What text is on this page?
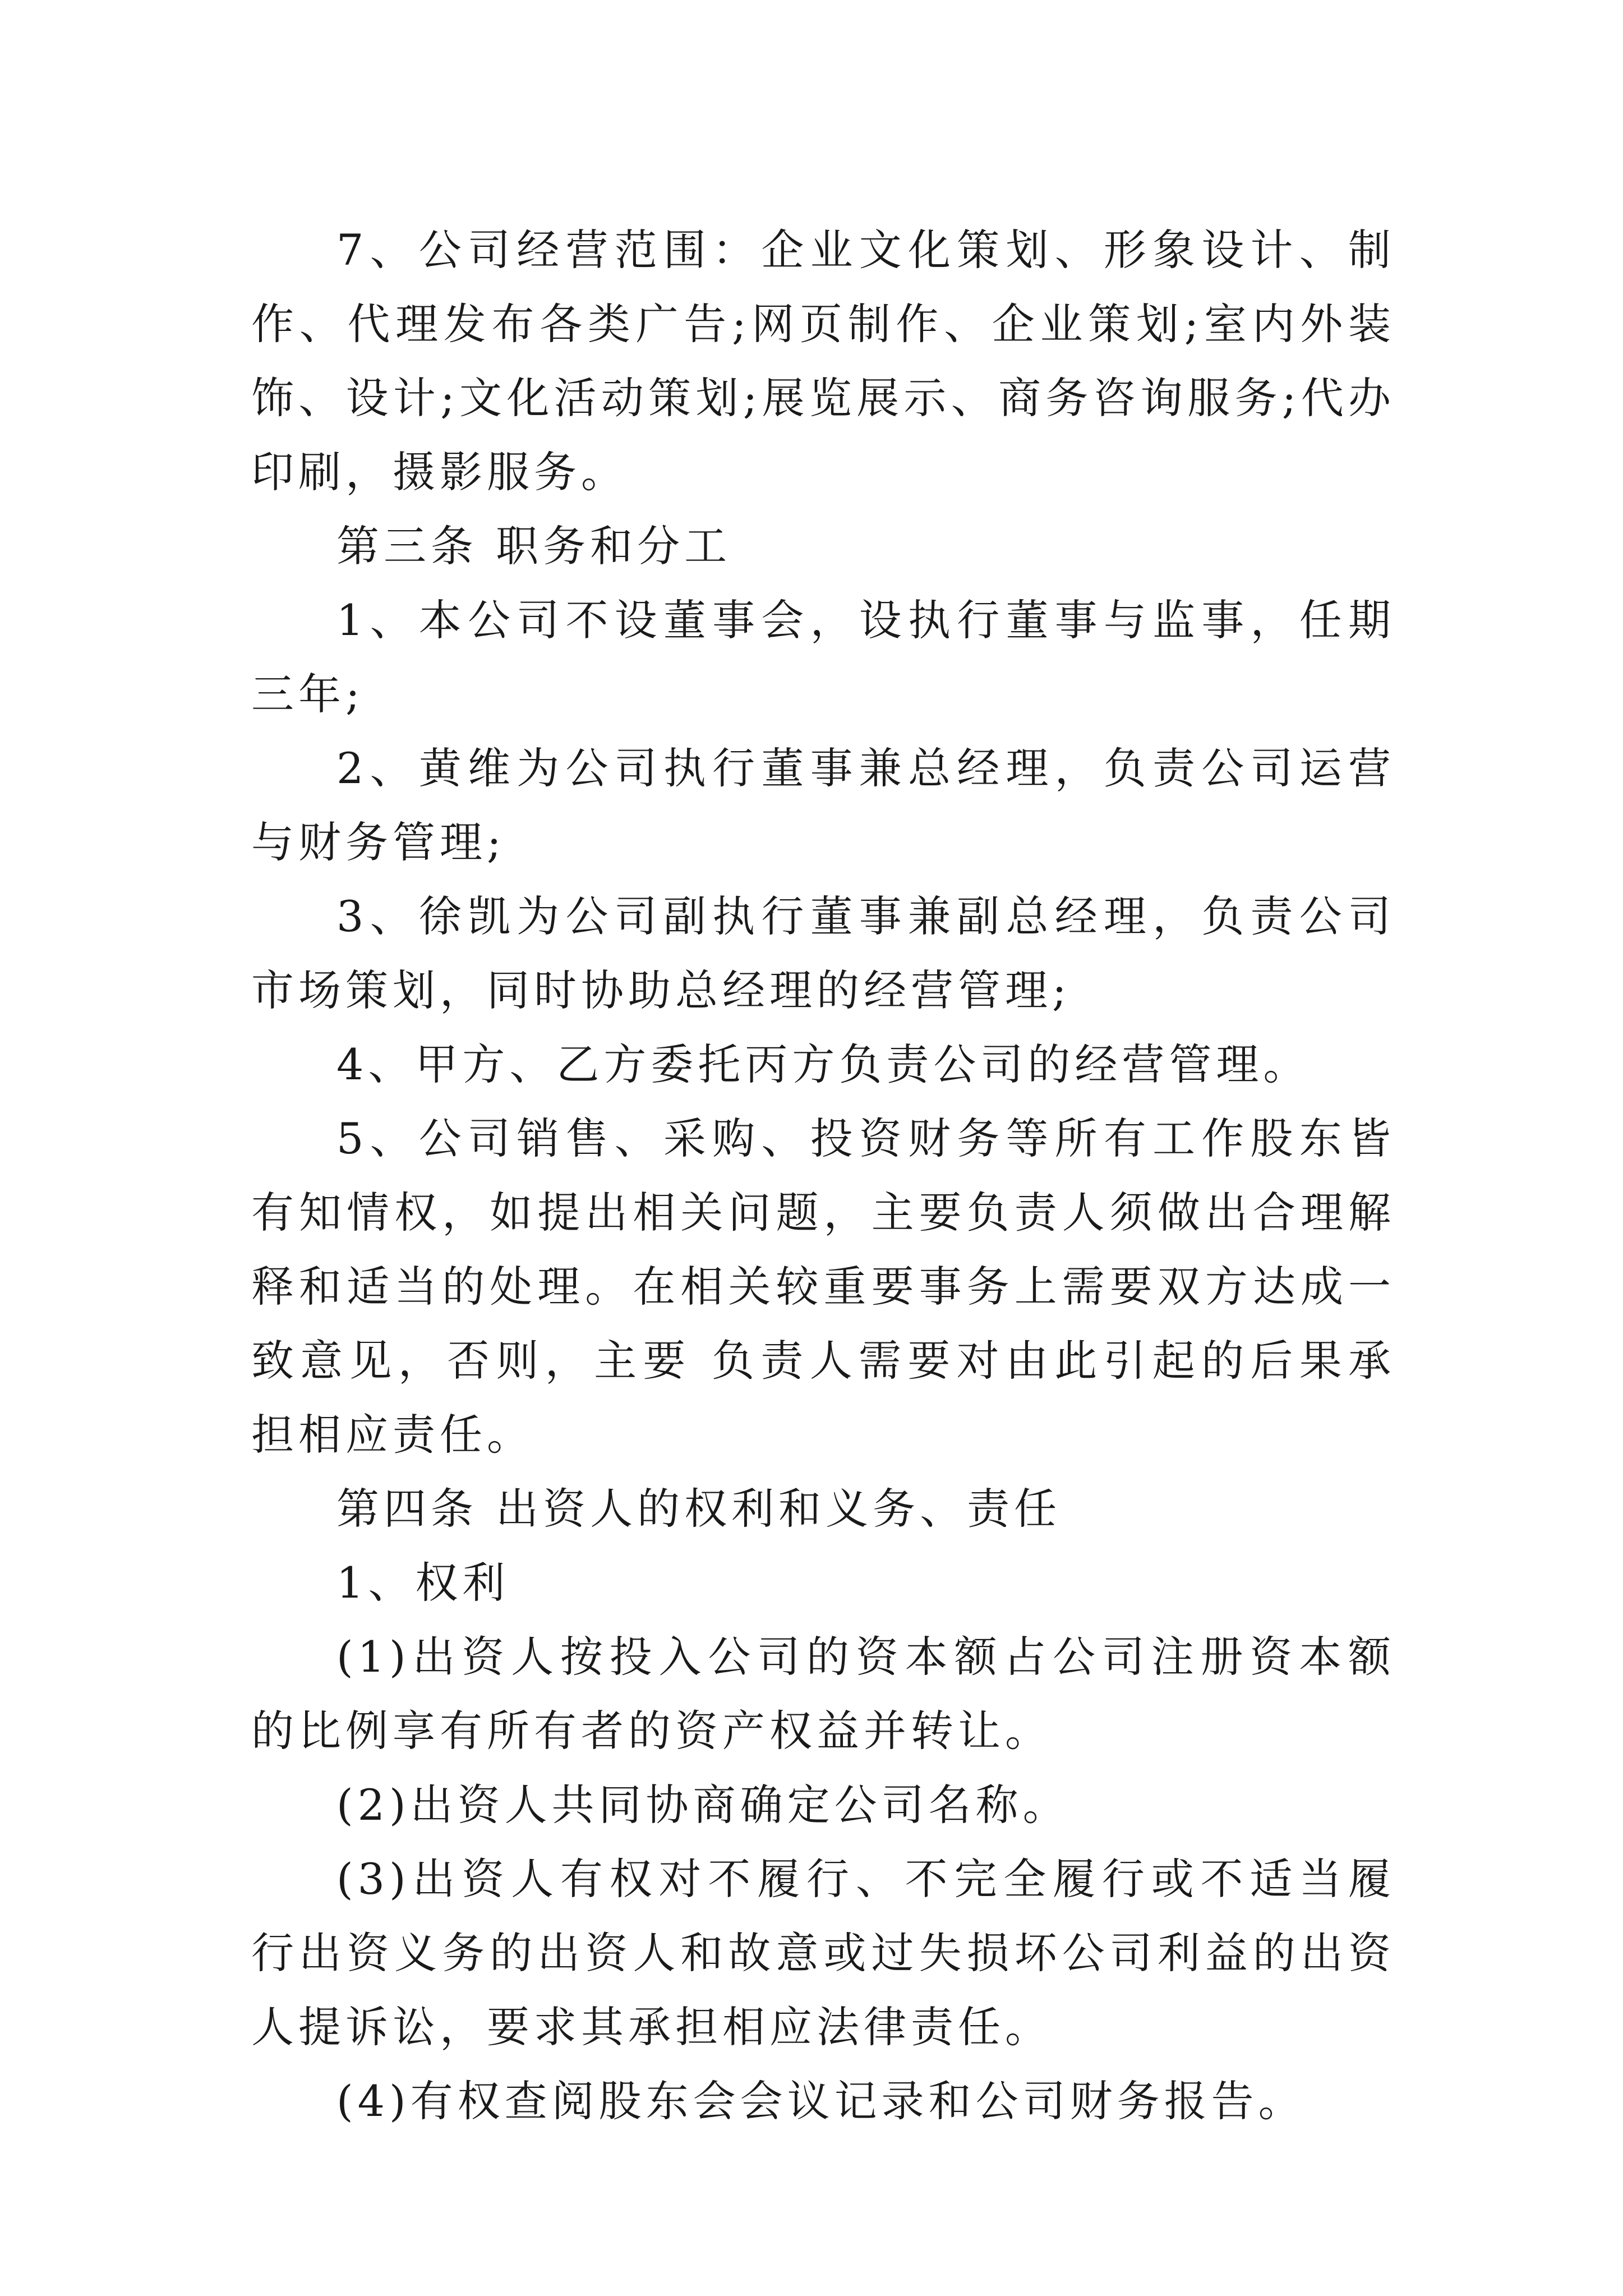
7、公司经营范围：企业文化策划、形象设计、制作、代理发布各类广告;网页制作、企业策划;室内外装饰、设计;文化活动策划;展览展示、商务咨询服务;代办印刷，摄影服务。

第三条 职务和分工

1、本公司不设董事会，设执行董事与监事，任期三年;

2、黄维为公司执行董事兼总经理，负责公司运营与财务管理;

3、徐凯为公司副执行董事兼副总经理，负责公司市场策划，同时协助总经理的经营管理;

4、甲方、乙方委托丙方负责公司的经营管理。

5、公司销售、采购、投资财务等所有工作股东皆有知情权，如提出相关问题，主要负责人须做出合理解释和适当的处理。在相关较重要事务上需要双方达成一致意见，否则，主要 负责人需要对由此引起的后果承担相应责任。

第四条 出资人的权利和义务、责任

1、权利

(1)出资人按投入公司的资本额占公司注册资本额的比例享有所有者的资产权益并转让。

(2)出资人共同协商确定公司名称。

(3)出资人有权对不履行、不完全履行或不适当履行出资义务的出资人和故意或过失损坏公司利益的出资人提诉讼，要求其承担相应法律责任。

(4)有权查阅股东会会议记录和公司财务报告。
